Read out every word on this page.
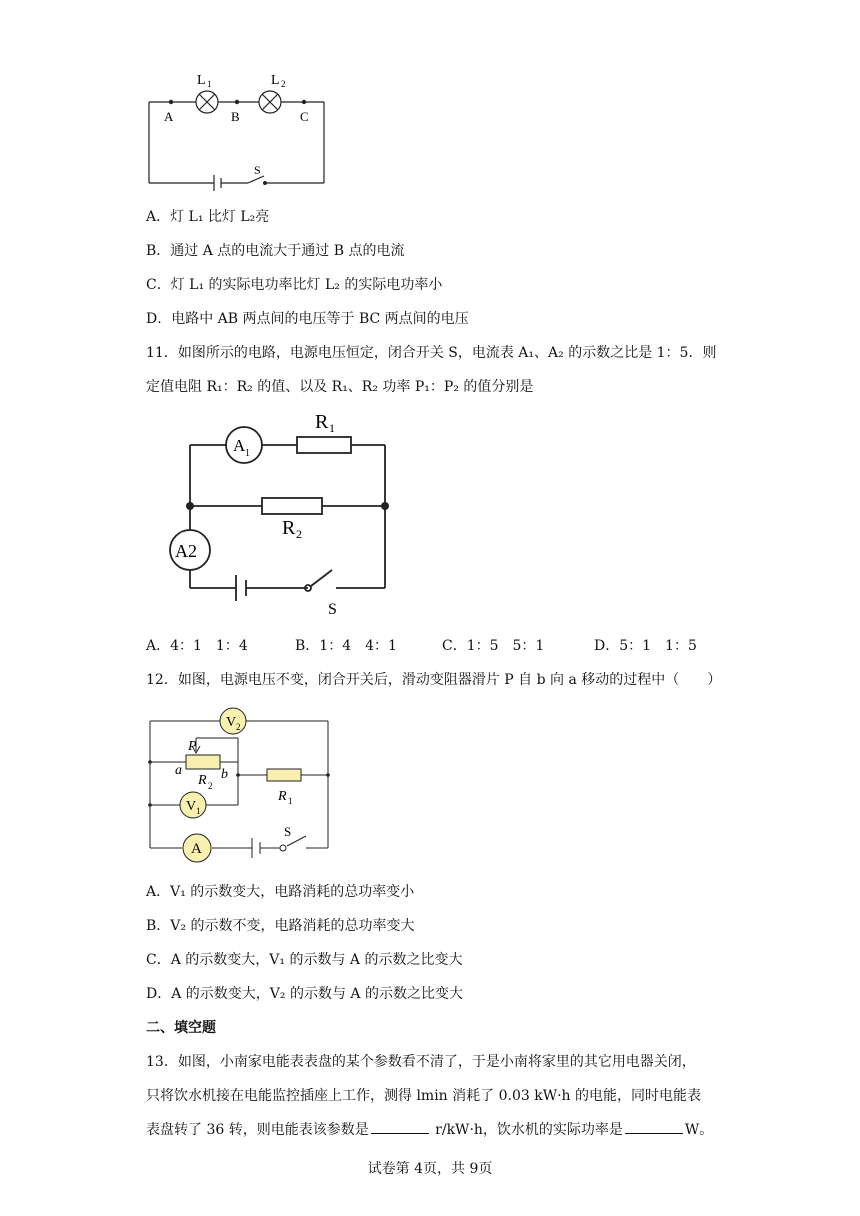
L 1	L 2
A	B	C
S
A．灯 L₁ 比灯 L₂亮
B．通过 A 点的电流大于通过 B 点的电流
C．灯 L₁ 的实际电功率比灯 L₂ 的实际电功率小
D．电路中 AB 两点间的电压等于 BC 两点间的电压
11．如图所示的电路，电源电压恒定，闭合开关 S，电流表 A₁、A₂ 的示数之比是 1：5．则
定值电阻 R₁：R₂ 的值、以及 R₁、R₂ 功率 P₁：P₂ 的值分别是
A 1
A2
R 1
R 2
S
A．4：1　1：4	B．1：4　4：1	C．1：5　5：1	D．5：1　1：5
12．如图，电源电压不变，闭合开关后，滑动变阻器滑片 P 自 b 向 a 移动的过程中（　　）
V 2
V 1
A
P
a	b
R 2
R 1
S
A．V₁ 的示数变大，电路消耗的总功率变小
B．V₂ 的示数不变，电路消耗的总功率变大
C．A 的示数变大，V₁ 的示数与 A 的示数之比变大
D．A 的示数变大，V₂ 的示数与 A 的示数之比变大
二、填空题
13．如图，小南家电能表表盘的某个参数看不清了，于是小南将家里的其它用电器关闭，
只将饮水机接在电能监控插座上工作，测得 lmin 消耗了 0.03 kW·h 的电能，同时电能表
表盘转了 36 转，则电能表该参数是	r/kW·h，饮水机的实际功率是	W。
试卷第 4页，共 9页
